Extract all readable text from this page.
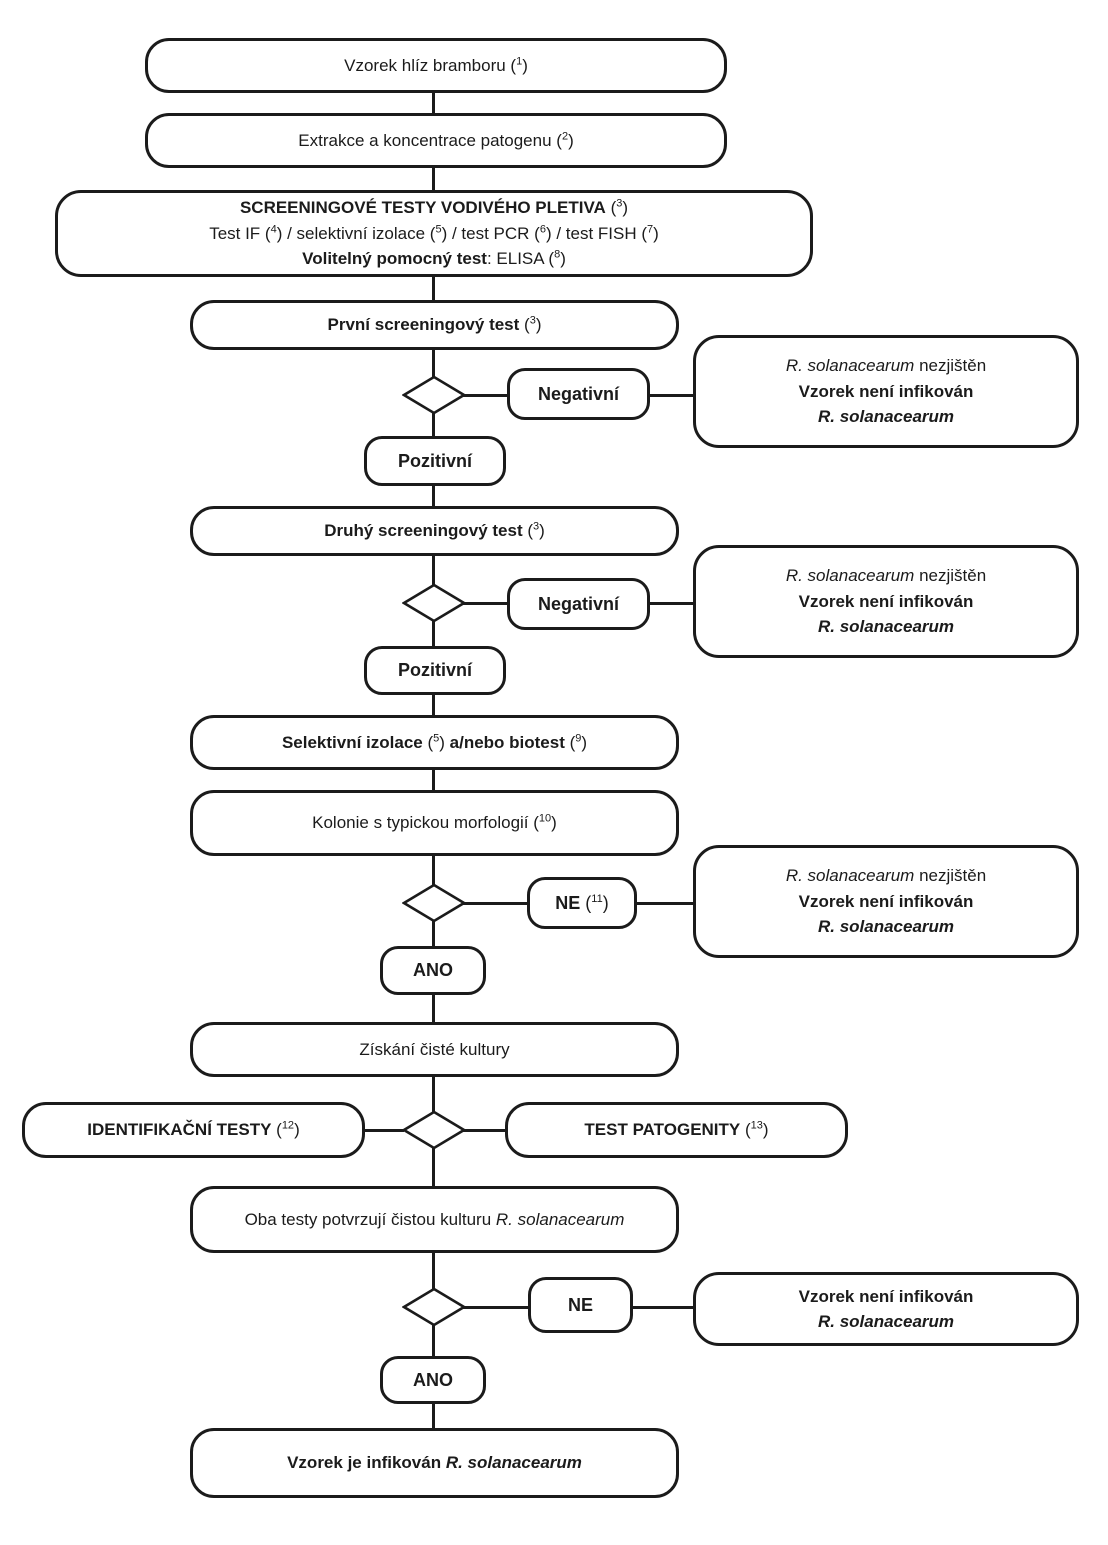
Vzorek hlíz bramboru ($^1$)
Extrakce a koncentrace patogenu ($^2$)
SCREENINGOVÉ TESTY VODIVÉHO PLETIVA ($^3$)
Test IF ($^4$) / selektivní izolace ($^5$) / test PCR ($^6$) / test FISH ($^7$)
Volitelný pomocný test: ELISA ($^8$)
První screeningový test ($^3$)
Negativní
R. solanacearum nezjištěn
Vzorek není infikován
R. solanacearum
Pozitivní
Druhý screeningový test ($^3$)
Negativní
R. solanacearum nezjištěn
Vzorek není infikován
R. solanacearum
Pozitivní
Selektivní izolace ($^5$) a/nebo biotest ($^9$)
Kolonie s typickou morfologií ($^{10}$)
NE ($^{11}$)
R. solanacearum nezjištěn
Vzorek není infikován
R. solanacearum
ANO
Získání čisté kultury
IDENTIFIKAČNÍ TESTY ($^{12}$)	TEST PATOGENITY ($^{13}$)
Oba testy potvrzují čistou kulturu R. solanacearum
NE	Vzorek není infikován
R. solanacearum
ANO
Vzorek je infikován R. solanacearum
